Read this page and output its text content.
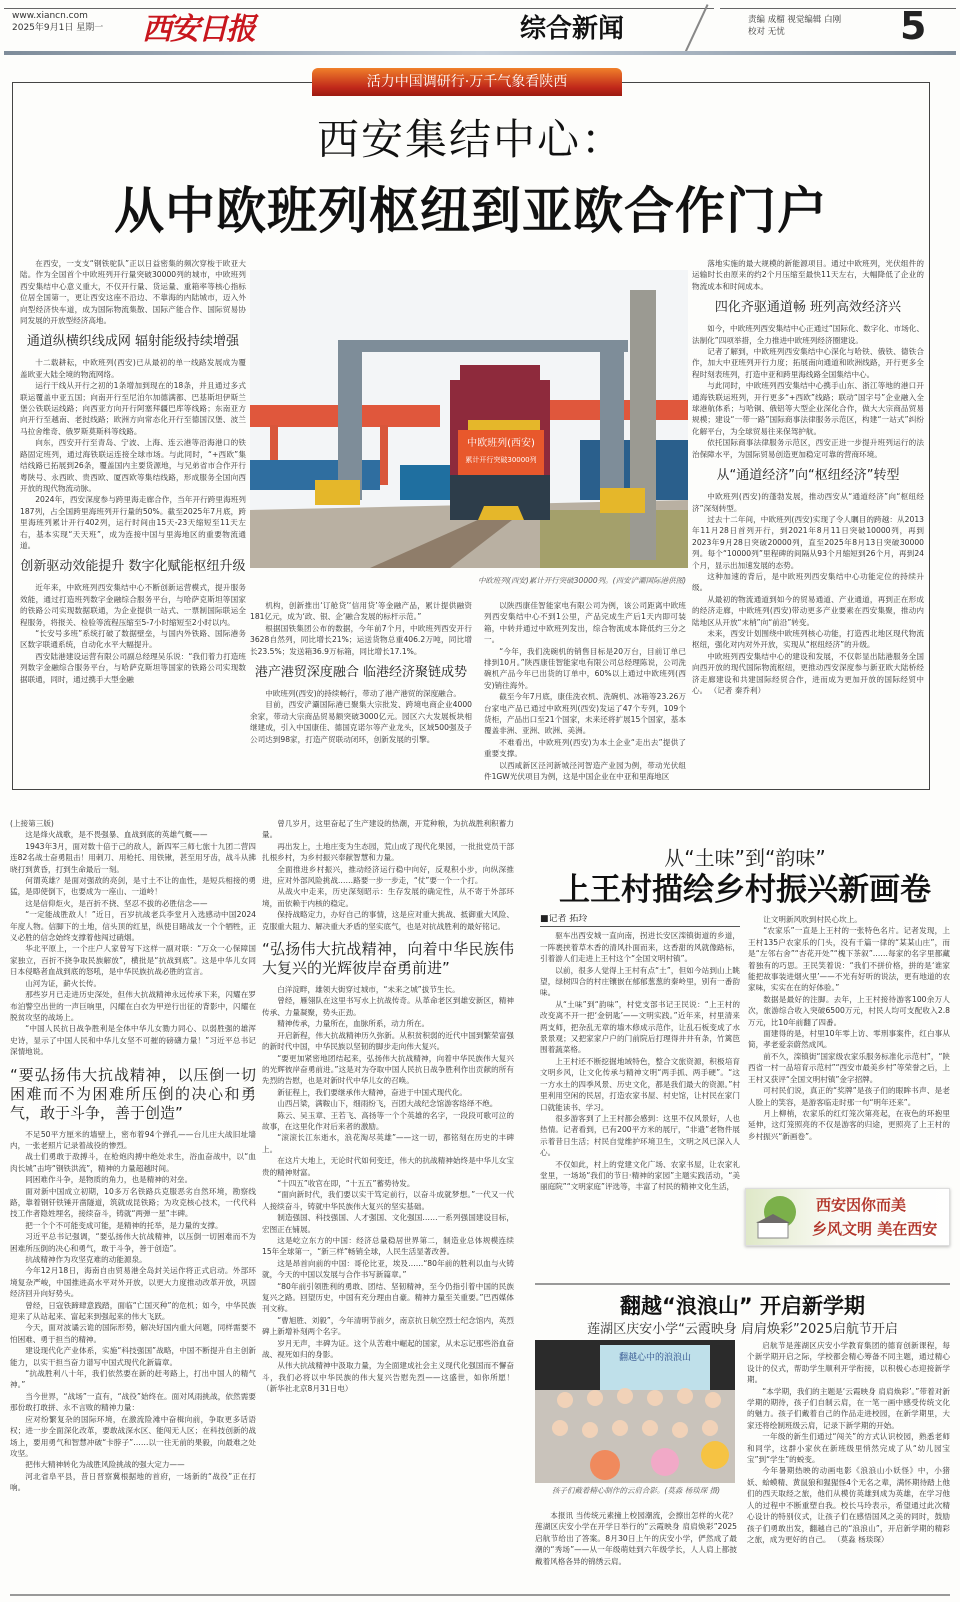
www.xiancn.com
2025年9月1日 星期一 西安日报	综合新闻	责编 成榴 视觉编辑 白刚
校对 无忧	5
活力中国调研行·万千气象看陕西
西安集结中心：
从中欧班列枢纽到亚欧合作门户

在西安，一支支“钢铁驼队”正以日益密集的频次穿梭于欧亚大陆。作为全国首个中欧班列开行量突破30000列的城市，中欧班列西安集结中心意义重大，不仅开行量、货运量、重箱率等核心指标位居全国第一，更让西安这座不沿边、不靠海的内陆城市，迈入外向型经济快车道，成为国际物流集散、国际产能合作、国际贸易协同发展的开放型经济高地。

通道纵横织线成网 辐射能级持续增强

十二载耕耘，中欧班列(西安)已从最初的单一线路发展成为覆盖欧亚大陆全境的物流网络。

运行干线从开行之初的1条增加到现在的18条，并且通过多式联运覆盖中亚五国；向南开行至尼泊尔加德满都、巴基斯坦伊斯兰堡公铁联运线路；向西亚方向开行阿塞拜疆巴库等线路；东南亚方向开行至越南、老挝线路；欧洲方向常态化开行至德国汉堡、波兰马拉舍维奇、俄罗斯莫斯科等线路。

向东，西安开行至青岛、宁波、上海、连云港等沿海港口的铁路固定班列，通过海铁联运连接全球市场。与此同时，“+西欧”集结线路已拓展到26条，覆盖国内主要货源地，与兄弟省市合作开行粤陕号、永西欧、贵西欧、厦西欧等集结线路，形成服务全国向西开放的现代物流动脉。

2024年，西安深度参与跨里海走廊合作，当年开行跨里海班列187列，占全国跨里海班列开行量的50%。截至2025年7月底，跨里海班列累计开行402列，运行时间由15天-23天缩短至11天左右，基本实现“天天班”，成为连接中国与里海地区的重要物流通道。

创新驱动效能提升 数字化赋能枢纽升级

近年来，中欧班列西安集结中心不断创新运营模式，提升服务效能，通过打造班列数字金融综合服务平台，与哈萨克斯坦等国家的铁路公司实现数据联通，为企业提供一站式、一票制国际联运全程服务，将报关、检验等流程压缩至5-7小时缩短至2小时以内。

“长安号多班”系统打破了数据壁垒，与国内外铁路、国际港务区数字联通系统，自动化水平大幅提升。

西安陆港建设运营有限公司副总经理吴乐说：“我们着力打造班列数字金融综合服务平台，与哈萨克斯坦等国家的铁路公司实现数据联通，同时，通过携手大型金融

中欧班列(西安)
累计开行突破30000列
中欧班列(西安)累计开行突破30000列。(西安浐灞国际港供图)

机构，创新推出‘订舱贷’‘信用贷’等金融产品，累计提供融资181亿元，成为‘政、银、企’融合发展的标杆示范。”

根据国铁集团公布的数据，今年前7个月，中欧班列西安开行3628自然列，同比增长21%；运送货物总重406.2万吨，同比增长23.5%；发送箱36.9万标箱，同比增长17.1%。

港产港贸深度融合 临港经济聚链成势

中欧班列(西安)的持续畅行，带动了港产港贸的深度融合。

目前，西安浐灞国际港已聚集大宗批发、跨境电商企业4000余家，带动大宗商品贸易额突破3000亿元。园区六大发展板块相继建成，引入中国康佳、德国克诺尔等产业龙头，区域500强及子公司达到98家，打造产贸联动闭环，创新发展的引擎。

以陕西康佳智能家电有限公司为例，该公司距离中欧班列西安集结中心不到1公里，产品完成生产后1天内即可装箱，中转并通过中欧班列发出，综合物流成本降低约三分之一。

“今年，我们洗碗机的销售目标是20万台，目前订单已排到10月。”陕西康佳智能家电有限公司总经理陈说，公司洗碗机产品今年已出货的订单中，60%以上通过中欧班列(西安)销往海外。

截至今年7月底，康佳洗衣机、洗碗机、冰箱等23.26万台家电产品已通过中欧班列(西安)发运了47个专列，109个货柜，产品出口至21个国家，未来还将扩展15个国家，基本覆盖非洲、亚洲、欧洲、美洲。

不难看出，中欧班列(西安)为本土企业“走出去”提供了重要支撑。

以西咸新区泾河新城泾河智造产业园为例，带动光伏组件1GW光伏项目为例，这是中国企业在中亚和里海地区

落地实施的最大规模的新能源项目。通过中欧班列，光伏组件的运输时长由原来的约2个月压缩至最快11天左右，大幅降低了企业的物流成本和时间成本。

四化齐驱通道畅 班列高效经济兴

如今，中欧班列西安集结中心正通过“国际化、数字化、市场化、法制化”四项举措，全力推进中欧班列经济圈建设。

记者了解到，中欧班列西安集结中心深化与哈铁、俄铁、德铁合作，加大中亚班列开行力度；拓展南向通道和欧洲线路，开行更多全程时刻表班列，打造中亚和跨里海线路全国集结中心。

与此同时，中欧班列西安集结中心携手山东、浙江等地的港口开通海铁联运班列，开行更多“+西欧”线路；联动“国字号”企业融入全球港航体系；与哈铜、俄铝等大型企业深化合作，做大大宗商品贸易规模；建设“一带一路”国际商事法律服务示范区，构建“一站式”纠纷化解平台，为全球贸易往来保驾护航。

依托国际商事法律服务示范区，西安正进一步提升班列运行的法治保障水平，为国际贸易创造更加稳定可靠的营商环境。

从“通道经济”向“枢纽经济”转型

中欧班列(西安)的蓬勃发展，推动西安从“通道经济”向“枢纽经济”深刻转型。

过去十二年间，中欧班列(西安)实现了令人瞩目的跨越：从2013年11月28日首列开行，到2021年8月11日突破10000列，再到2023年9月28日突破20000列，直至2025年8月13日突破30000列。每个“10000列”里程碑的间隔从93个月缩短到26个月，再到24个月，显示出加速发展的态势。

这种加速的背后，是中欧班列西安集结中心功能定位的持续升级。

从最初的物流通道到如今的贸易通道、产业通道，再到正在形成的经济走廊，中欧班列(西安)带动更多产业要素在西安集聚，推动内陆地区从开放“末梢”向“前沿”转变。

未来，西安计划围绕中欧班列核心功能，打造西北地区现代物流枢纽，强化对内对外开放，实现从“枢纽经济”的升级。

中欧班列西安集结中心的建设和发展，不仅彰显出陆港服务全国向西开放的现代国际物流枢纽，更推动西安深度参与新亚欧大陆桥经济走廊建设和共建国际经贸合作，进而成为更加开放的国际经贸中心。 （记者 秦乔利）

(上接第三版)

这是烽火战歌，是不畏强暴、血战到底的英雄气概——

1943年3月，面对数十倍于己的敌人，新四军三师七旅十九团二营四连82名战士奋勇阻击！用刺刀、用枪托、用铁锹，甚至用牙齿，战斗从拂晓打到黄昏，打到生命最后一刻。

何谓英雄？是面对强敌的亮剑，是寸土不让的血性，是短兵相接的勇猛，是即使倒下，也要成为一座山、一道岭！

这是信仰炬火，是百折不挠、坚忍不拔的必胜信念——

“一定能战胜敌人！”近日，百岁抗战老兵李堂月入选感动中国2024年度人物。信脚下的土地，信头顶的红星，纵使目睹战友一个个牺牲，正义必胜的信念始终支撑着他闯过硝烟。

华北平原上，一个庄户人家曾写下这样一副对联：“万众一心保障国家独立，百折不挠争取民族解放”，横批是“抗战到底”。这是中华儿女同日本侵略者血战到底的怒吼，是中华民族抗战必胜的宣言。

山河为证，薪火长传。

那些岁月已走进历史深处，但伟大抗战精神永远传承下来，闪耀在罗布泊警空出世的一声巨响里，闪耀在白衣为甲逆行出征的背影中，闪耀在脱贫攻坚的战场上。

“中国人民抗日战争胜利是全体中华儿女勠力同心、以弱胜强的雄浑史诗，显示了中国人民和中华儿女坚不可摧的磅礴力量！”习近平总书记深情地说。

“要弘扬伟大抗战精神，以压倒一切困难而不为困难所压倒的决心和勇气，敢于斗争，善于创造”

不足50平方厘米的墙壁上，密布着94个弹孔——台儿庄大战旧址墙内，一张老照片记录着战役的惨烈。

战士们勇敢于敌搏斗，在枪炮肉搏中绝处求生，浴血奋战中，以“血肉长城”击垮“钢铁洪流”，精神的力量超越时间。

同困难作斗争，是物质的角力，也是精神的对垒。

面对新中国成立初期，10多万名铁路兵克服恶劣自然环境，勘察线路，靠着钢钎铁锤开凿隧道，筑就成昆铁路；为攻克核心技术，一代代科技工作者隐姓埋名，接续奋斗，铸就“两弹一星”丰碑。

把一个个不可能变成可能，是精神的托举，是力量的支撑。

习近平总书记强调，“要弘扬伟大抗战精神，以压倒一切困难而不为困难所压倒的决心和勇气，敢于斗争，善于创造”。

抗战精神作为攻坚克难的动能源泉。

今年12月18日，海南自由贸易港全岛封关运作将正式启动。外部环境复杂严峻，中国推进高水平对外开放，以更大力度推动改革开放，巩固经济回升向好势头。

曾经，日寇铁蹄肆意践踏，面临“亡国灭种”的危机；如今，中华民族迎来了从站起来、富起来到强起来的伟大飞跃。

今天，面对波谲云诡的国际形势，解决好国内重大问题，同样需要不怕困难、勇于担当的精神。

建设现代化产业体系，实施“科技强国”战略，中国不断提升自主创新能力，以实干担当奋力谱写中国式现代化新篇章。

“抗战胜利八十年，我们依然要在新的赶考路上，打出中国人的精气神。”

当今世界，“战场”一直有，“战役”始终在。面对风雨挑战，依然需要那份敢打敢拼、永不言败的精神力量：

应对纷繁复杂的国际环境，在激流险滩中奋楫向前，争取更多话语权；进一步全面深化改革，要敢战深水区、能闯无人区；在科技创新的战场上，要用勇气和智慧冲破“卡脖子”……以一往无前的果毅，向最难之处攻坚。

把伟大精神转化为战胜风险挑战的强大定力——

河北省阜平县，昔日晋察冀根据地的首府，一场新的“战役”正在打响。

曾几岁月，这里奋起了生产建设的热潮，开荒种粮，为抗战胜利积蓄力量。

再出发上，土地庄变为生态园，荒山成了现代化果园，一批批党员干部扎根乡村，为乡村振兴奉献智慧和力量。

全面推进乡村振兴，推动经济运行稳中向好，反观积小步，向纵深推进，应对外部风险挑战……路要一步一步走，“仗”要一个一个打。

从战火中走来，历史深刻昭示：生存发展的确定性，从不寄于外部环境，而依赖于内核的稳定。

保持战略定力，办好自己的事情，这是应对重大挑战、抵御重大风险、克服重大阻力、解决重大矛盾的坚实底气，也是对抗战胜利的最好铭记。

“弘扬伟大抗战精神，向着中华民族伟大复兴的光辉彼岸奋勇前进”

白洋淀畔，雄领大街穿过城市，“未来之城”拔节生长。

曾经，雁翎队在这里书写水上抗战传奇。从革命老区到雄安新区，精神传承、力量凝聚，势头正劲。

精神传承，力量所在，血脉所系，动力所在。

开启新程，伟大抗战精神历久弥新。从积贫积弱的近代中国到繁荣富强的新时代中国，中华民族以坚韧的脚步走向伟大复兴。

“要更加紧密地团结起来，弘扬伟大抗战精神，向着中华民族伟大复兴的光辉彼岸奋勇前进。”这是对为夺取中国人民抗日战争胜利作出贡献的所有先烈的告慰，也是对新时代中华儿女的召唤。

新征程上，我们要继承伟大精神，奋进于中国式现代化。

山西吕梁，满鞍山下，细雨纷飞，百团大战纪念馆游客络绎不绝。

陈云、吴玉章、王若飞、高扬等一个个英雄的名字，一段段可歌可泣的故事，在这里化作对后来者的激励。

“滚滚长江东逝水，浪花淘尽英雄”——这一切，都铭刻在历史的丰碑上。

在这片大地上，无论时代如何变迁，伟大的抗战精神始终是中华儿女宝贵的精神财富。

“十四五”收官在即，“十五五”蓄势待发。

“面向新时代，我们要以实干笃定前行，以奋斗成就梦想。”一代又一代人接续奋斗，铸就中华民族伟大复兴的坚实基础。

制造强国、科技强国、人才强国、文化强国……一系列强国建设目标，宏图正在铺展。

这是屹立东方的中国：经济总量稳居世界第二，制造业总体规模连续15年全球第一，“新三样”畅销全球，人民生活显著改善。

这是昂首向前的中国：哥伦比亚，埃及……“80年前的胜利以血与火铸就，今天的中国以发展与合作书写新篇章。”

“80年前引领胜利的勇敢、团结、坚韧精神，至今仍指引着中国的民族复兴之路。回望历史，中国有充分理由自豪。精神力量至关重要。”巴西媒体刊文称。

“曹旭胜、刘毅”，今年清明节前夕，南京抗日航空烈士纪念馆内，英烈碑上新增补刻两个名字。

岁月无声，丰碑为证。这个从苦难中崛起的国家，从未忘记那些浴血奋战、视死如归的身影。

从伟大抗战精神中汲取力量，为全面建成社会主义现代化强国而不懈奋斗，我们必将以中华民族的伟大复兴告慰先烈——这盛世，如你所愿！ （新华社北京8月31日电）

从“土味”到“韵味”
上王村描绘乡村振兴新画卷
■记者 拓玲

驱车出西安城一直向南，拐进长安区滦镇街道的乡道，一阵裹挟着草木香的清风扑面而来，这香甜的风就像路标，引着游人们走进上王村这个“全国文明村镇”。

以前，很多人觉得上王村有点“土”，但如今站到山上眺望，绿树四合的村庄镶嵌在郁郁葱葱的秦岭里，别有一番韵味。

从“土味”到“韵味”，村党支部书记王民说：“上王村的改变离不开一把‘金钥匙’——文明实践。”近年来，村里清来两支师，把杂乱无章的墙木修成示范作，让乱石板变成了水景景观；又把家家户户的门前院后打理得井井有条，竹篱笆围着蔬菜格。

上王村还不断挖掘地域特色，整合文旅资源，积极培育文明乡风，让文化传承与精神文明“两手抓、两手硬”。“这一方水土的四季风景、历史文化，都是我们最大的资源。”村里利用空闲的民居，打造农家书屋、村史馆，让村民在家门口就能读书、学习。

很多游客到了上王村都会感到：这里不仅风景好，人也热情。记者看到，已有200平方米的展厅，“非遗”老物件展示着昔日生活；村民自觉维护环境卫生，文明之风已深入人心。

不仅如此，村上的党建文化广场、农家书屋，让农家礼堂里，一场场“我们的节日·精神的家园”主题实践活动，“美丽庭院”“文明家庭”评选等，丰富了村民的精神文化生活，

让文明新风吹到村民心坎上。

“农家乐”一直是上王村的一张特色名片。记者发现，上王村135户农家乐的门头，没有千篇一律的“某某山庄”，而是“左邻右舍”“杏花开处”“槐下茶叙”……每家的名字里都藏着独有的巧思。王民笑着说：“我们不拼价格，拼的是‘谁家能把故事装进烟火里’——不光有好听的说法，更有地道的农家味，实实在在的好体验。”

数据是最好的注脚。去年，上王村接待游客100余万人次，旅游综合收入突破6500万元，村民人均可支配收入2.8万元，比10年前翻了四番。

面建得的是，村里10年零上访、零刑事案件，红白事从简，孝老爱亲蔚然成风。

前不久，滦镇街“国家级农家乐服务标准化示范村”，“陕西省一村一品培育示范村”“西安市最美乡村”等荣誉之后，上王村又获评“全国文明村镇”金字招牌。

可村民们说，真正的“奖牌”是孩子们的眼眸书声、是老人脸上的笑容，是游客临走时那一句“明年还来”。

月上柳梢，农家乐的红灯笼次第亮起，在夜色的环抱里延伸，这灯笼照亮的不仅是游客的归途，更照亮了上王村的乡村振兴“新画卷”。

西安因你而美
乡风文明 美在西安
翻越“浪浪山” 开启新学期
莲湖区庆安小学“云霞映身 肩肩焕彩”2025启航节开启
翻越心中的浪浪山
孩子们戴着精心制作的云肩合影。(莫淼 杨琰琛 摄)

本报讯 当传统元素撞上校园潮流，会擦出怎样的火花？莲湖区庆安小学在开学日举行的“云霞映身 肩肩焕彩”2025启航节给出了答案。8月30日上午的庆安小学，俨然成了最潮的“秀场”——从一年级萌娃到六年级学长，人人肩上都披戴着风格各异的锦绣云肩。

启航节是莲湖区庆安小学教育集团的德育创新课程，每个新学期开启之际，学校都会精心筹备不同主题，通过精心设计的仪式，帮助学生顺利开学衔接，以积极心态迎接新学期。

“本学期，我们的主题是‘云霞映身 肩肩焕彩’。”带着对新学期的期待，孩子们自制云肩，在一笔一画中感受传统文化的魅力。孩子们戴着自己的作品走进校园，在新学期里，大家还将绘制班级云肩，记录下新学期的开始。

一年级的新生们通过“闯关”的方式认识校园，熟悉老师和同学，这群小家伙在新班级里悄然完成了从“幼儿园宝宝”到“学生”的蜕变。

今年暑期热映的动画电影《浪浪山小妖怪》中，小猪妖、蛤蟆精、黄鼠狼和猩猩怪4个无名之辈，满怀期待踏上他们的西天取经之旅，他们从模仿英雄到成为英雄，在学习他人的过程中不断重塑自我。校长马玲表示，希望通过此次精心设计的特别仪式，让孩子们在感悟国风之美的同时，鼓励孩子们勇敢出发，翻越自己的“浪浪山”，开启新学期的精彩之旅，成为更好的自己。 （莫淼 杨琰琛）
